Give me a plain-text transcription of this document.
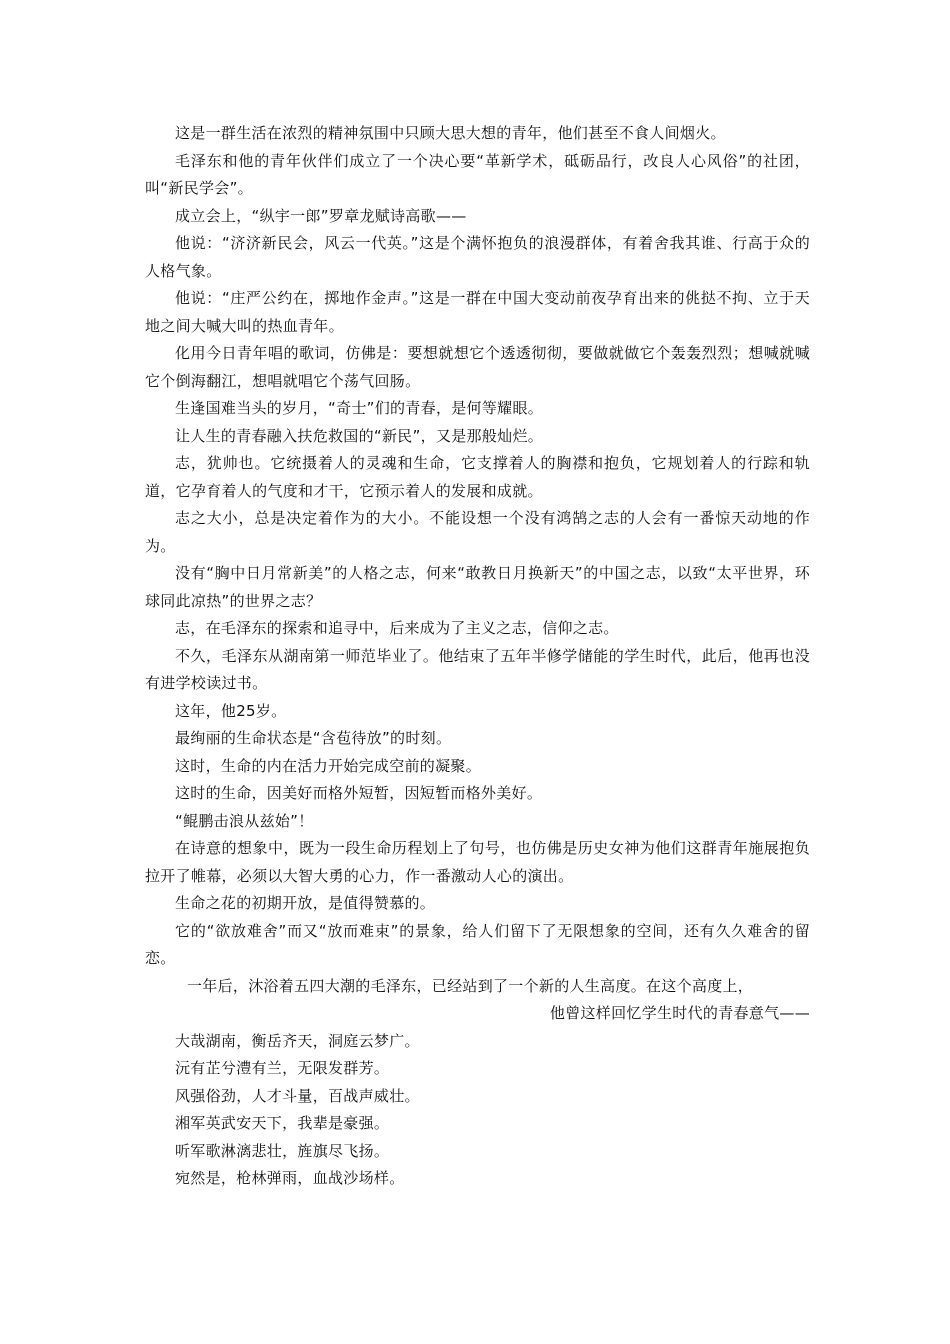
这是一群生活在浓烈的精神氛围中只顾大思大想的青年，他们甚至不食人间烟火。

毛泽东和他的青年伙伴们成立了一个决心要“革新学术，砥砺品行，改良人心风俗”的社团，叫“新民学会”。

成立会上，“纵宇一郎”罗章龙赋诗高歌——

他说：“济济新民会，风云一代英。”这是个满怀抱负的浪漫群体，有着舍我其谁、行高于众的人格气象。

他说：“庄严公约在，掷地作金声。”这是一群在中国大变动前夜孕育出来的佻挞不拘、立于天地之间大喊大叫的热血青年。

化用今日青年唱的歌词，仿佛是：要想就想它个透透彻彻，要做就做它个轰轰烈烈；想喊就喊它个倒海翻江，想唱就唱它个荡气回肠。

生逢国难当头的岁月，“奇士”们的青春，是何等耀眼。

让人生的青春融入扶危救国的“新民”，又是那般灿烂。

志，犹帅也。它统摄着人的灵魂和生命，它支撑着人的胸襟和抱负，它规划着人的行踪和轨道，它孕育着人的气度和才干，它预示着人的发展和成就。

志之大小，总是决定着作为的大小。不能设想一个没有鸿鹄之志的人会有一番惊天动地的作为。

没有“胸中日月常新美”的人格之志，何来“敢教日月换新天”的中国之志，以致“太平世界，环球同此凉热”的世界之志？

志，在毛泽东的探索和追寻中，后来成为了主义之志，信仰之志。

不久，毛泽东从湖南第一师范毕业了。他结束了五年半修学储能的学生时代，此后，他再也没有进学校读过书。

这年，他25岁。

最绚丽的生命状态是“含苞待放”的时刻。

这时，生命的内在活力开始完成空前的凝聚。

这时的生命，因美好而格外短暂，因短暂而格外美好。

“鲲鹏击浪从兹始”！

在诗意的想象中，既为一段生命历程划上了句号，也仿佛是历史女神为他们这群青年施展抱负拉开了帷幕，必须以大智大勇的心力，作一番激动人心的演出。

生命之花的初期开放，是值得赞慕的。

它的“欲放难舍”而又“放而难束”的景象，给人们留下了无限想象的空间，还有久久难舍的留恋。

一年后，沐浴着五四大潮的毛泽东，已经站到了一个新的人生高度。在这个高度上，

他曾这样回忆学生时代的青春意气——

大哉湖南，衡岳齐天，洞庭云梦广。

沅有芷兮澧有兰，无限发群芳。

风强俗劲，人才斗量，百战声威壮。

湘军英武安天下，我辈是豪强。

听军歌淋漓悲壮，旌旗尽飞扬。

宛然是，枪林弹雨，血战沙场样。
